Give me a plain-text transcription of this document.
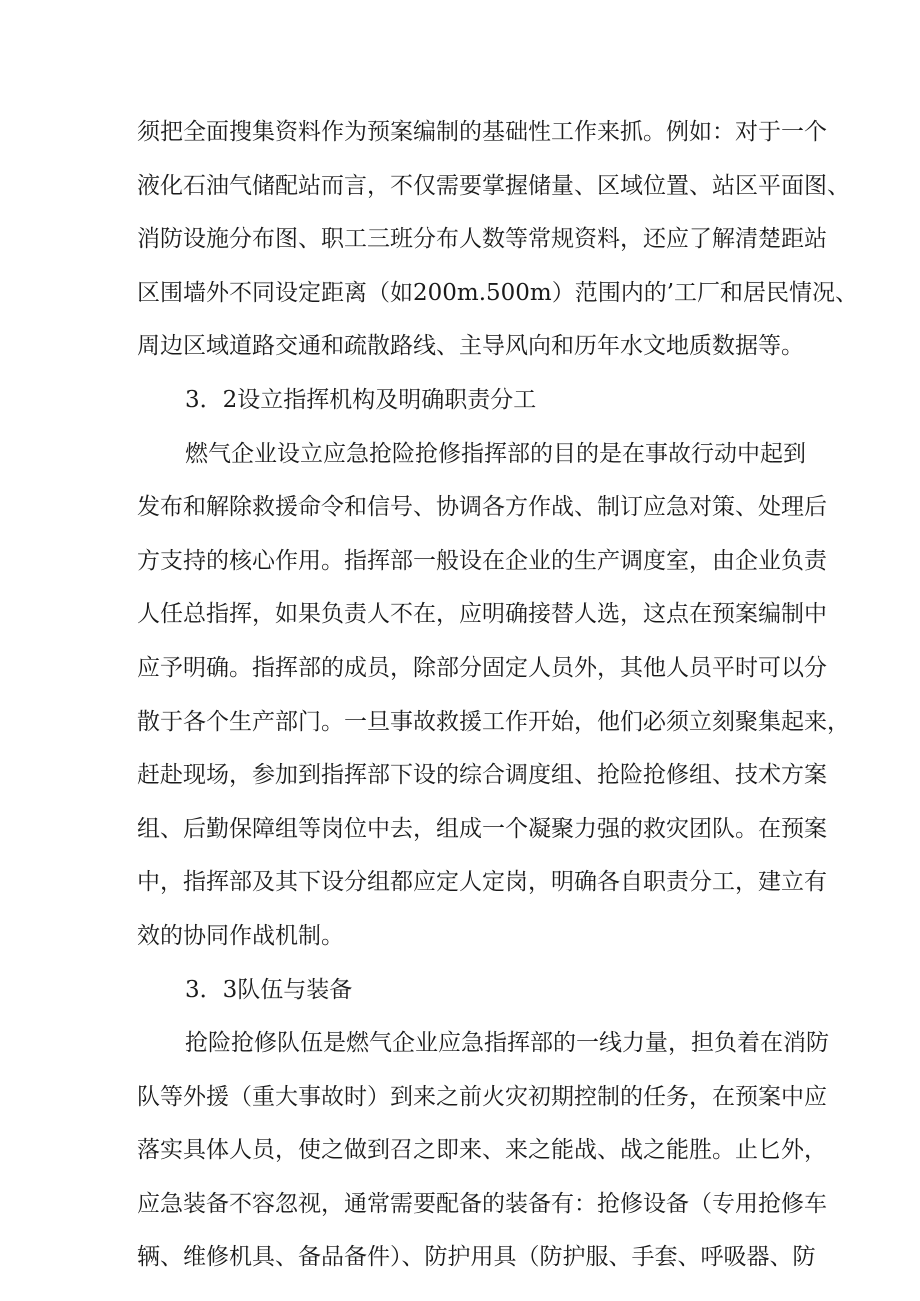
须把全面搜集资料作为预案编制的基础性工作来抓。例如：对于一个
液化石油气储配站而言，不仅需要掌握储量、区域位置、站区平面图、
消防设施分布图、职工三班分布人数等常规资料，还应了解清楚距站
区围墙外不同设定距离（如200m.500m）范围内的’工厂和居民情况、
周边区域道路交通和疏散路线、主导风向和历年水文地质数据等。
3．2设立指挥机构及明确职责分工
燃气企业设立应急抢险抢修指挥部的目的是在事故行动中起到
发布和解除救援命令和信号、协调各方作战、制订应急对策、处理后
方支持的核心作用。指挥部一般设在企业的生产调度室，由企业负责
人任总指挥，如果负责人不在，应明确接替人选，这点在预案编制中
应予明确。指挥部的成员，除部分固定人员外，其他人员平时可以分
散于各个生产部门。一旦事故救援工作开始，他们必须立刻聚集起来，
赶赴现场，参加到指挥部下设的综合调度组、抢险抢修组、技术方案
组、后勤保障组等岗位中去，组成一个凝聚力强的救灾团队。在预案
中，指挥部及其下设分组都应定人定岗，明确各自职责分工，建立有
效的协同作战机制。
3．3队伍与装备
抢险抢修队伍是燃气企业应急指挥部的一线力量，担负着在消防
队等外援（重大事故时）到来之前火灾初期控制的任务，在预案中应
落实具体人员，使之做到召之即来、来之能战、战之能胜。止匕外，
应急装备不容忽视，通常需要配备的装备有：抢修设备（专用抢修车
辆、维修机具、备品备件）、防护用具（防护服、手套、呼吸器、防
